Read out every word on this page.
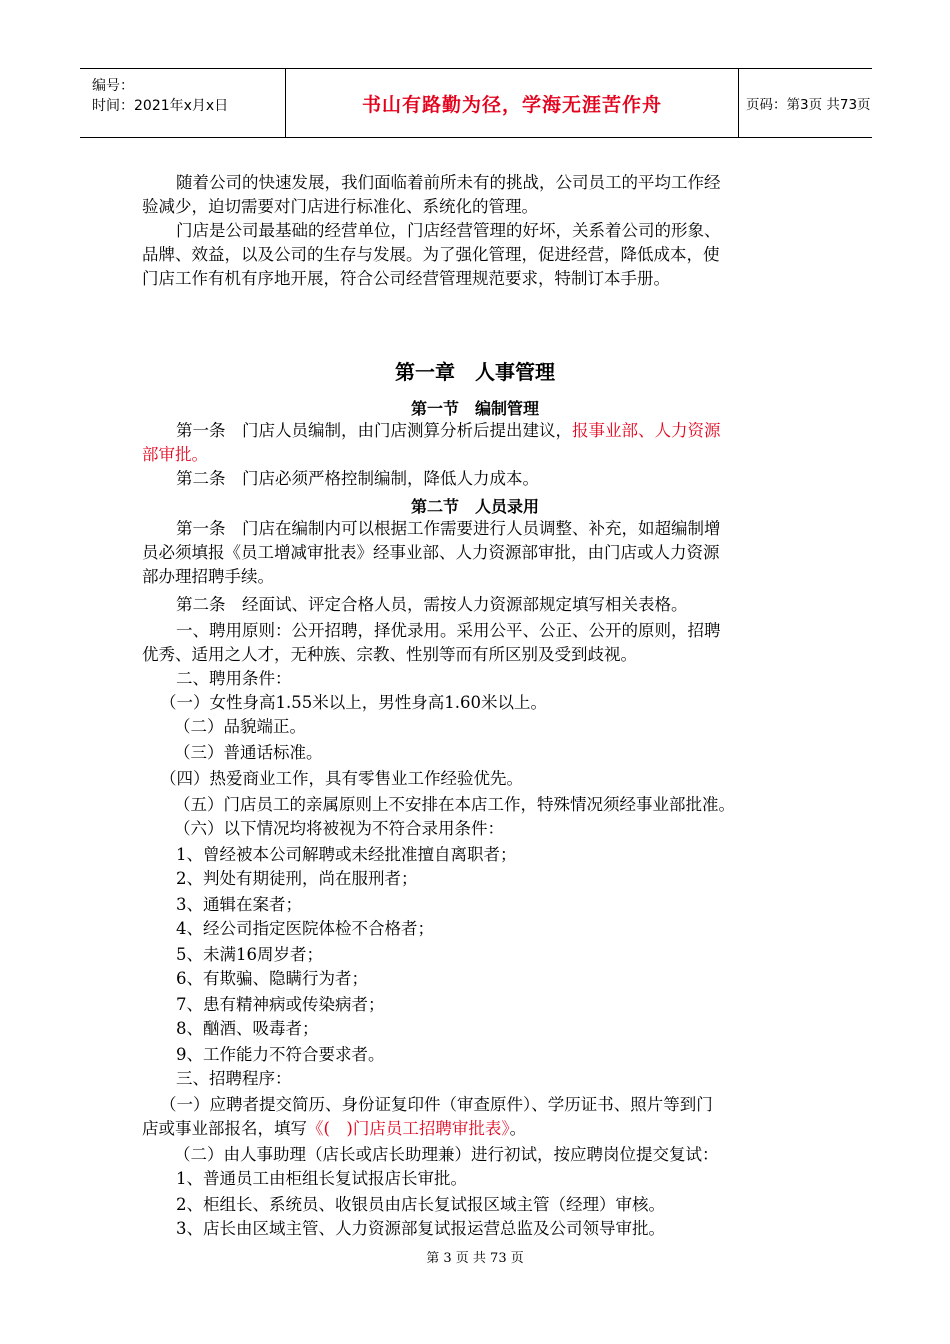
编号：
时间：2021年x月x日	书山有路勤为径，学海无涯苦作舟	页码：第3页 共73页
随着公司的快速发展，我们面临着前所未有的挑战，公司员工的平均工作经
验减少，迫切需要对门店进行标准化、系统化的管理。
门店是公司最基础的经营单位，门店经营管理的好坏，关系着公司的形象、
品牌、效益，以及公司的生存与发展。为了强化管理，促进经营，降低成本，使
门店工作有机有序地开展，符合公司经营管理规范要求，特制订本手册。
第一章　人事管理
第一节　编制管理
第一条　门店人员编制，由门店测算分析后提出建议，报事业部、人力资源
部审批。
第二条　门店必须严格控制编制，降低人力成本。
第二节　人员录用
第一条　门店在编制内可以根据工作需要进行人员调整、补充，如超编制增
员必须填报《员工增减审批表》经事业部、人力资源部审批，由门店或人力资源
部办理招聘手续。
第二条　经面试、评定合格人员，需按人力资源部规定填写相关表格。
一、聘用原则：公开招聘，择优录用。采用公平、公正、公开的原则，招聘
优秀、适用之人才，无种族、宗教、性别等而有所区别及受到歧视。
二、聘用条件：
（一）女性身高1.55米以上，男性身高1.60米以上。
（二）品貌端正。
（三）普通话标准。
（四）热爱商业工作，具有零售业工作经验优先。
（五）门店员工的亲属原则上不安排在本店工作，特殊情况须经事业部批准。
（六）以下情况均将被视为不符合录用条件：
1、曾经被本公司解聘或未经批准擅自离职者；
2、判处有期徒刑，尚在服刑者；
3、通辑在案者；
4、经公司指定医院体检不合格者；
5、未满16周岁者；
6、有欺骗、隐瞒行为者；
7、患有精神病或传染病者；
8、酗酒、吸毒者；
9、工作能力不符合要求者。
三、招聘程序：
（一）应聘者提交简历、身份证复印件（审查原件）、学历证书、照片等到门
店或事业部报名，填写《(　)门店员工招聘审批表》。
（二）由人事助理（店长或店长助理兼）进行初试，按应聘岗位提交复试：
1、普通员工由柜组长复试报店长审批。
2、柜组长、系统员、收银员由店长复试报区域主管（经理）审核。
3、店长由区域主管、人力资源部复试报运营总监及公司领导审批。
第 3 页 共 73 页
